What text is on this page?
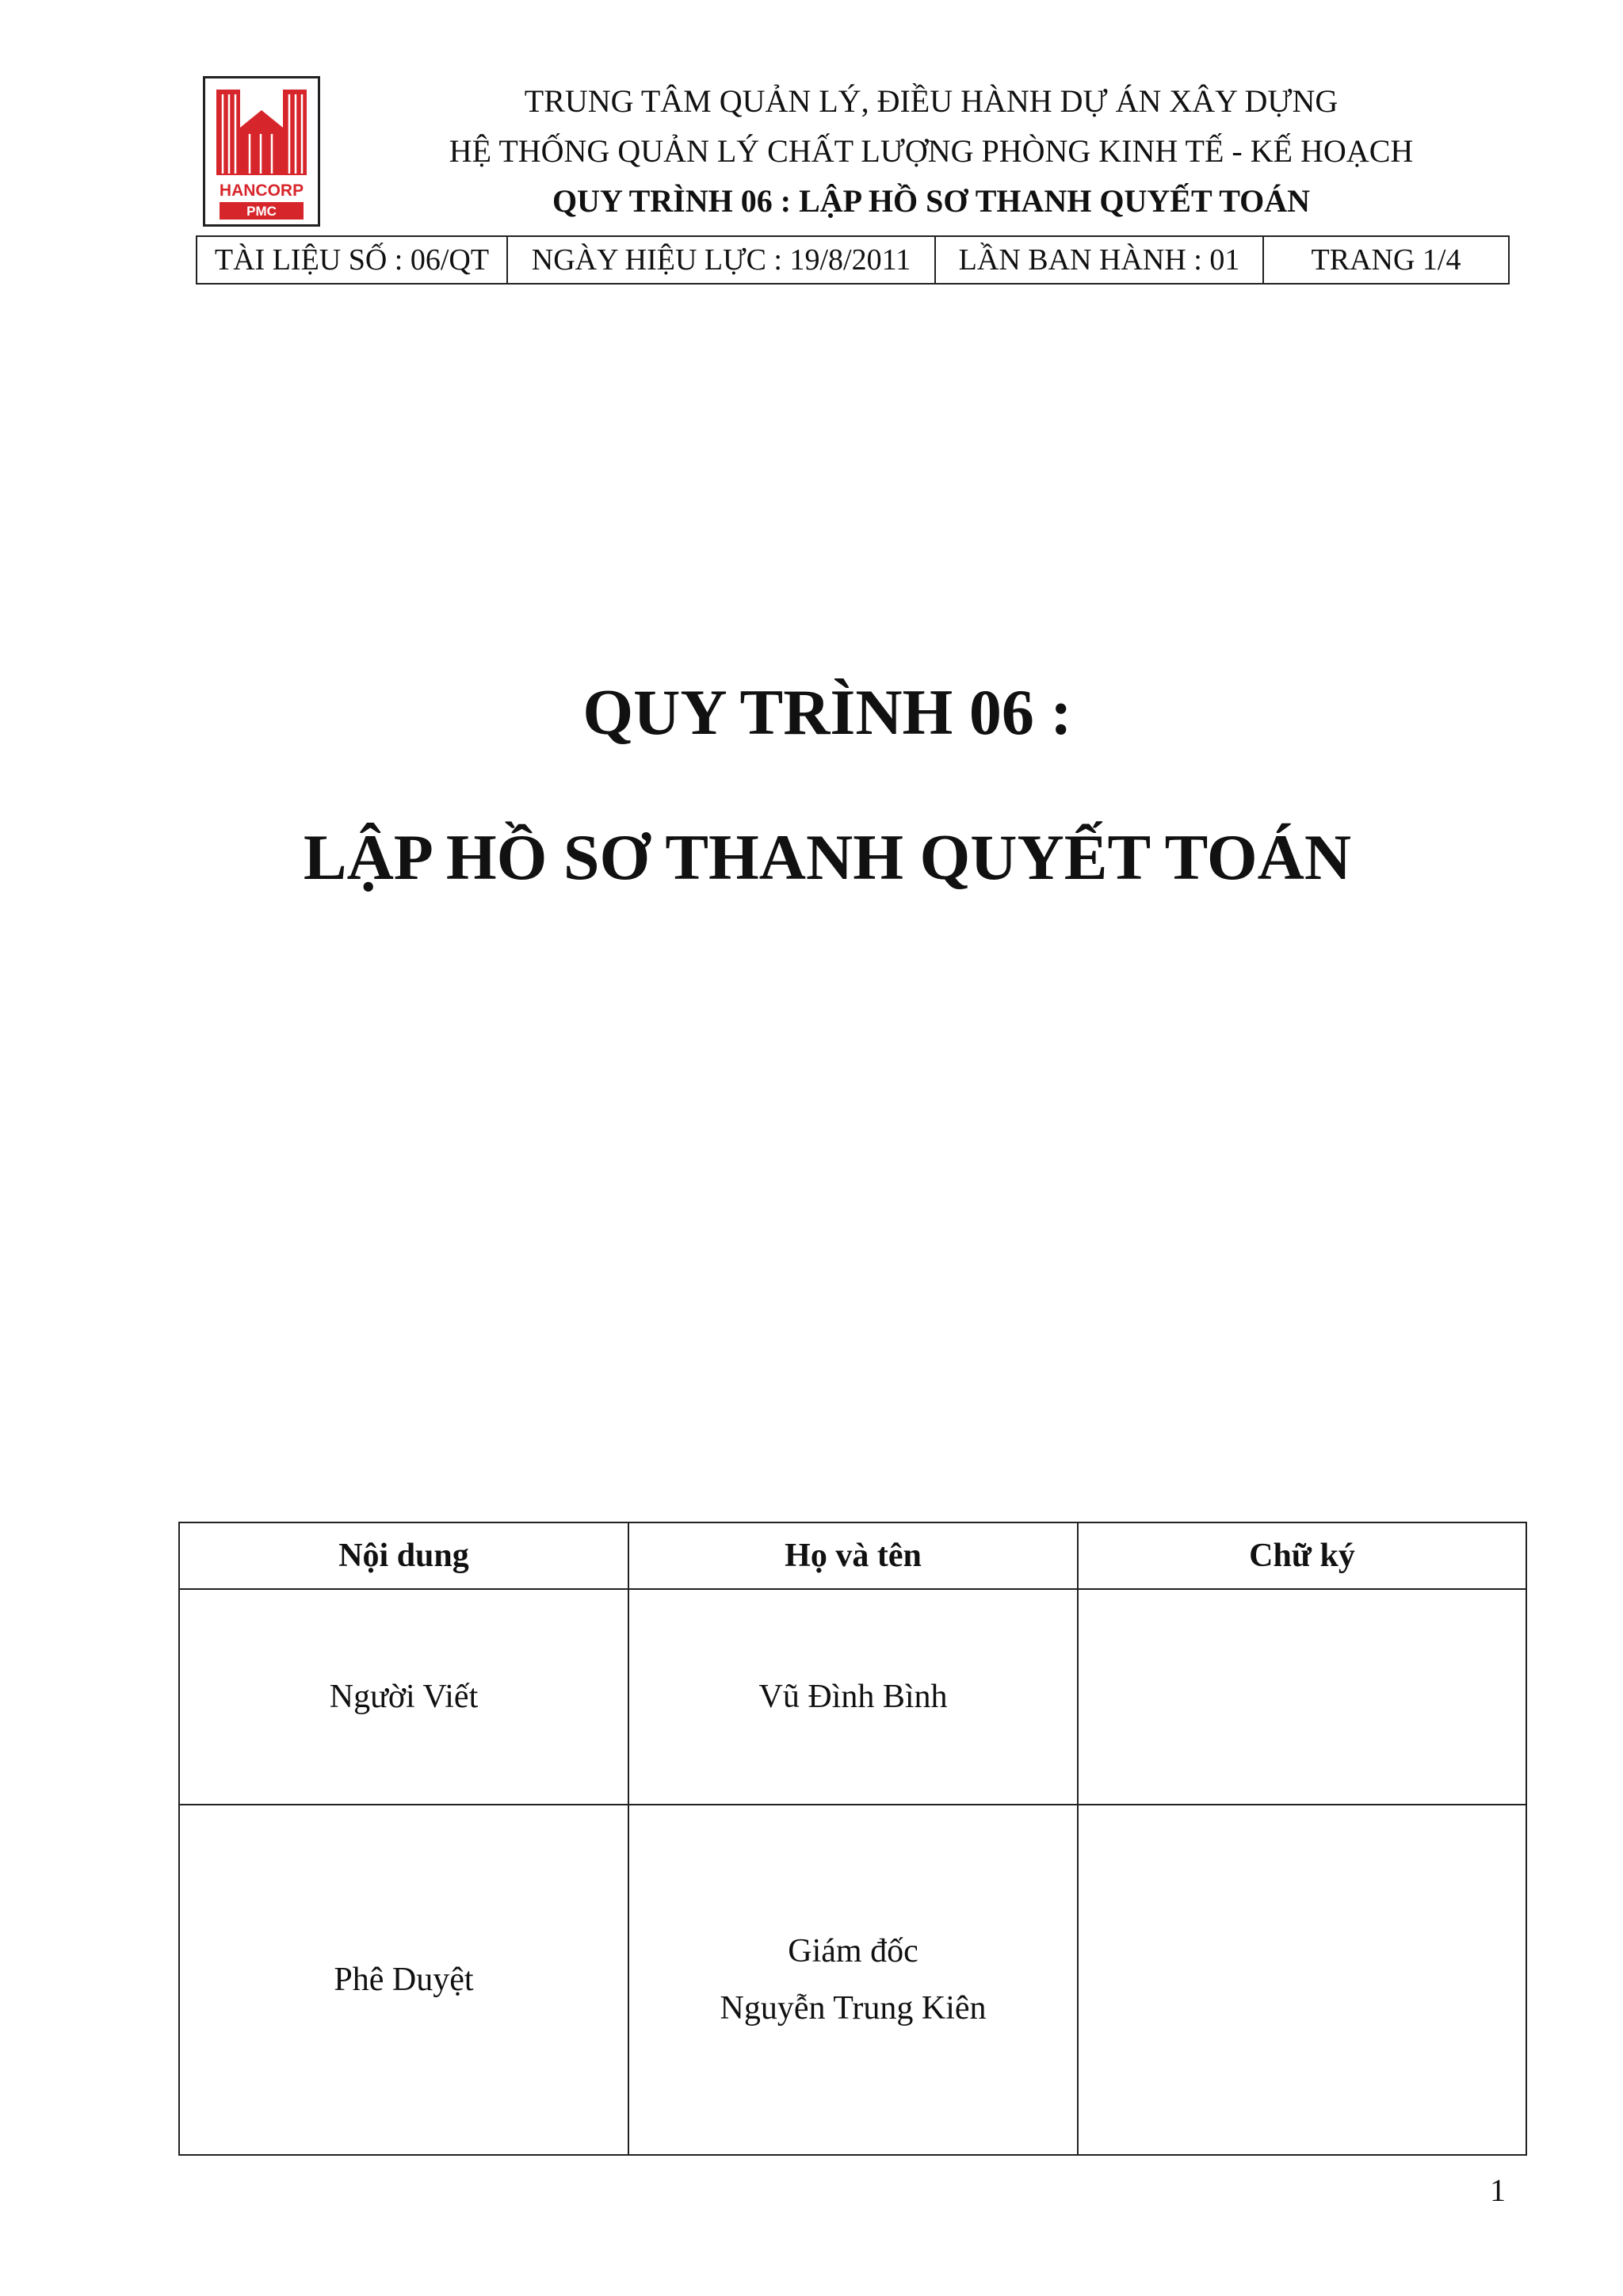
HANCORP
PMC
TRUNG TÂM QUẢN LÝ, ĐIỀU HÀNH DỰ ÁN XÂY DỰNG
HỆ THỐNG QUẢN LÝ CHẤT LƯỢNG PHÒNG KINH TẾ - KẾ HOẠCH
QUY TRÌNH 06 : LẬP HỒ SƠ THANH QUYẾT TOÁN
TÀI LIỆU SỐ : 06/QT	NGÀY HIỆU LỰC : 19/8/2011	LẦN BAN HÀNH : 01	TRANG 1/4
QUY TRÌNH 06 :
LẬP HỒ SƠ THANH QUYẾT TOÁN
Nội dung	Họ và tên	Chữ ký
Người Viết	Vũ Đình Bình	

Phê Duyệt	Giám đốc
Nguyễn Trung Kiên	

1
